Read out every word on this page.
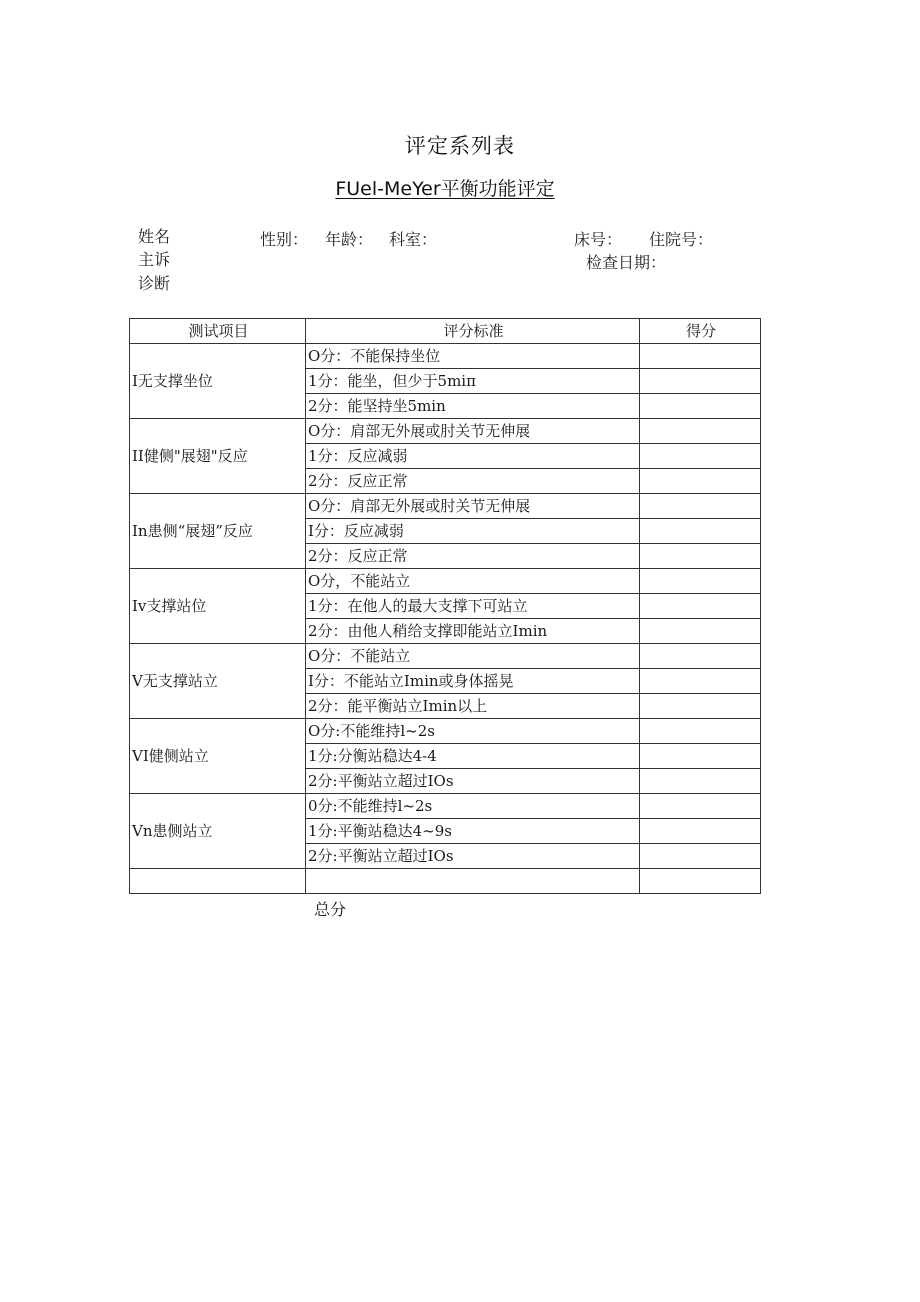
评定系列表
FUel-MeYer平衡功能评定
姓名	性别： 年龄： 科室：	床号： 住院号：
主诉	检查日期：
诊断
测试项目	评分标准	得分
I无支撑坐位	O分：不能保持坐位	
	1分：能坐，但少于5miπ	
	2分：能坚持坐5min	
II健侧"展翅"反应	O分：肩部无外展或肘关节无伸展	
	1分：反应减弱	
	2分：反应正常	
In患侧“展翅”反应	O分：肩部无外展或肘关节无伸展	
	I分：反应减弱	
	2分：反应正常	
Iv支撑站位	O分，不能站立	
	1分：在他人的最大支撑下可站立	
	2分：由他人稍给支撑即能站立Imin	
V无支撑站立	O分：不能站立	
	I分：不能站立Imin或身体摇晃	
	2分：能平衡站立Imin以上	
VI健侧站立	O分:不能维持l~2s	
	1分:分衡站稳达4-4	
	2分:平衡站立超过IOs	
Vn患侧站立	0分:不能维持l~2s	
	1分:平衡站稳达4~9s	
	2分:平衡站立超过IOs	

总分
